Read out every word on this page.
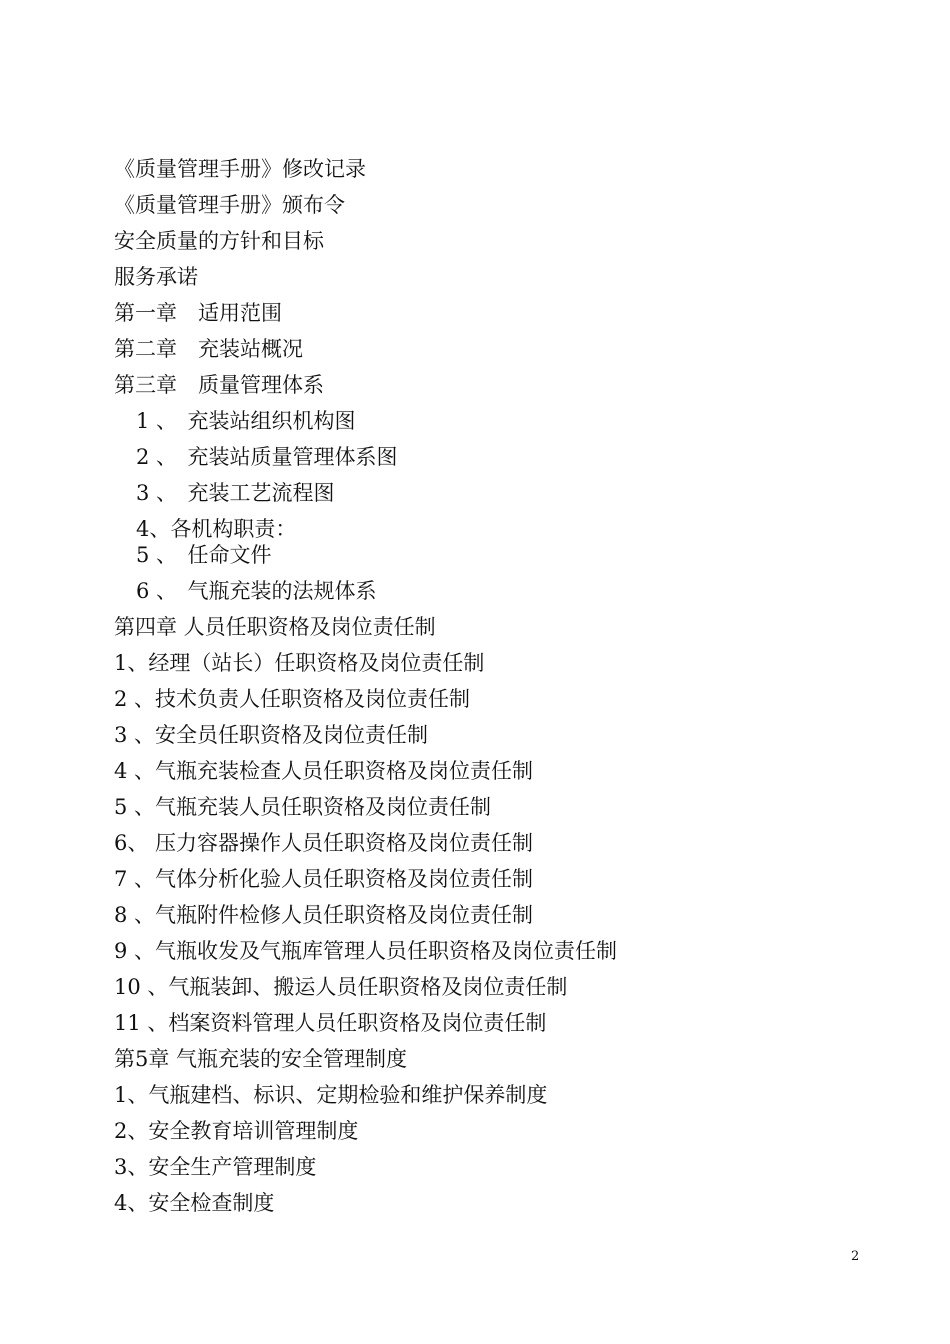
《质量管理手册》修改记录
《质量管理手册》颁布令
安全质量的方针和目标
服务承诺
第一章　适用范围
第二章　充装站概况
第三章　质量管理体系
1 、　充装站组织机构图
2 、　充装站质量管理体系图
3 、　充装工艺流程图
4、各机构职责：
5 、　任命文件
6 、　气瓶充装的法规体系
第四章 人员任职资格及岗位责任制
1、经理（站长）任职资格及岗位责任制
2 、技术负责人任职资格及岗位责任制
3 、安全员任职资格及岗位责任制
4 、气瓶充装检查人员任职资格及岗位责任制
5 、气瓶充装人员任职资格及岗位责任制
6、 压力容器操作人员任职资格及岗位责任制
7 、气体分析化验人员任职资格及岗位责任制
8 、气瓶附件检修人员任职资格及岗位责任制
9 、气瓶收发及气瓶库管理人员任职资格及岗位责任制
10 、气瓶装卸、搬运人员任职资格及岗位责任制
11 、档案资料管理人员任职资格及岗位责任制
第5章 气瓶充装的安全管理制度
1、气瓶建档、标识、定期检验和维护保养制度
2、安全教育培训管理制度
3、安全生产管理制度
4、安全检查制度
2
